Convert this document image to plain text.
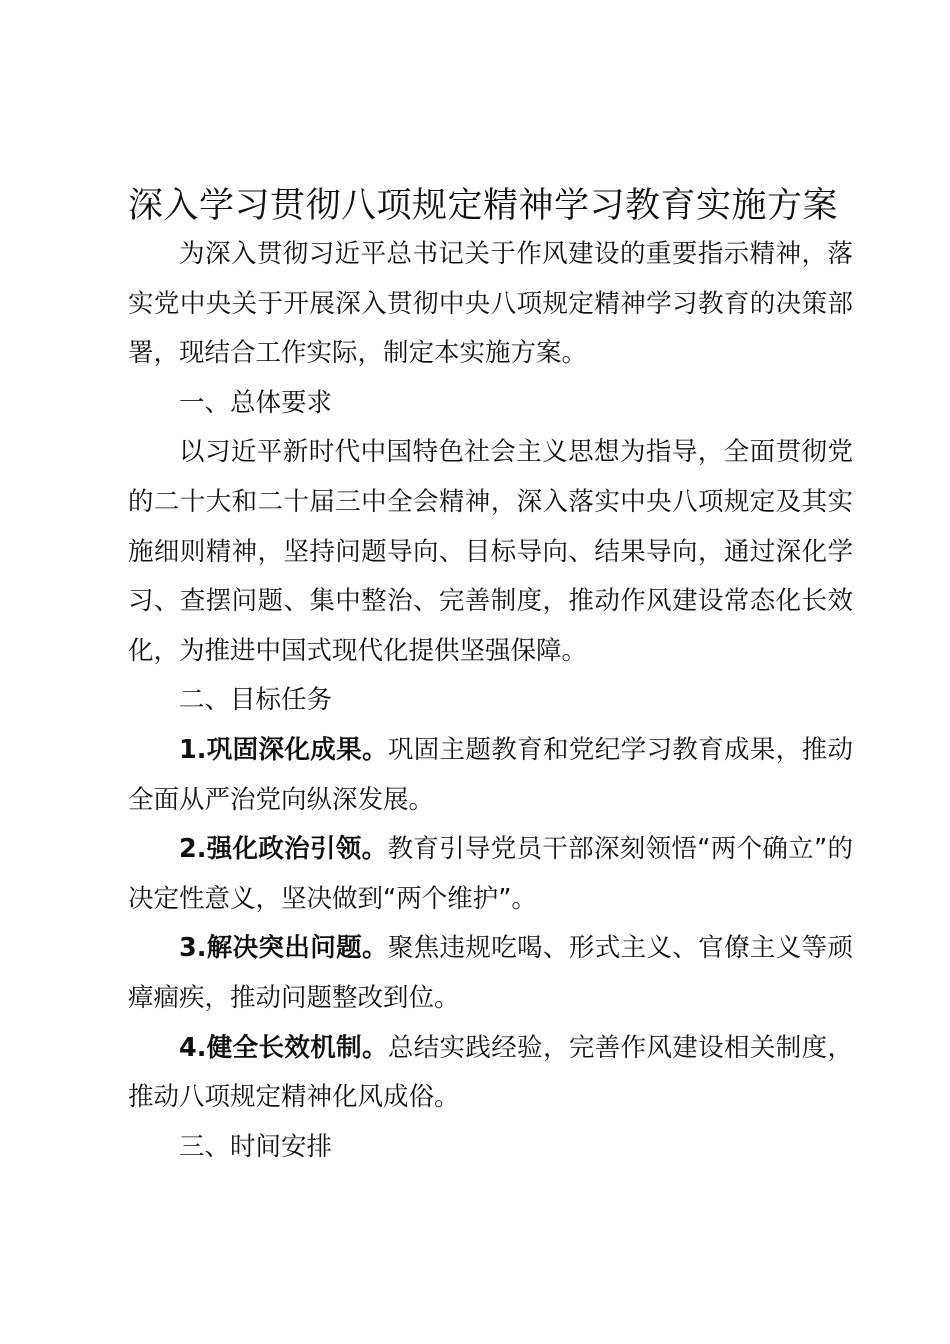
深入学习贯彻八项规定精神学习教育实施方案

为深入贯彻习近平总书记关于作风建设的重要指示精神，落实党中央关于开展深入贯彻中央八项规定精神学习教育的决策部署，现结合工作实际，制定本实施方案。

一、总体要求

以习近平新时代中国特色社会主义思想为指导，全面贯彻党的二十大和二十届三中全会精神，深入落实中央八项规定及其实施细则精神，坚持问题导向、目标导向、结果导向，通过深化学习、查摆问题、集中整治、完善制度，推动作风建设常态化长效化，为推进中国式现代化提供坚强保障。

二、目标任务

1.巩固深化成果。巩固主题教育和党纪学习教育成果，推动全面从严治党向纵深发展。

2.强化政治引领。教育引导党员干部深刻领悟“两个确立”的决定性意义，坚决做到“两个维护”。

3.解决突出问题。聚焦违规吃喝、形式主义、官僚主义等顽瘴痼疾，推动问题整改到位。

4.健全长效机制。总结实践经验，完善作风建设相关制度，推动八项规定精神化风成俗。

三、时间安排
